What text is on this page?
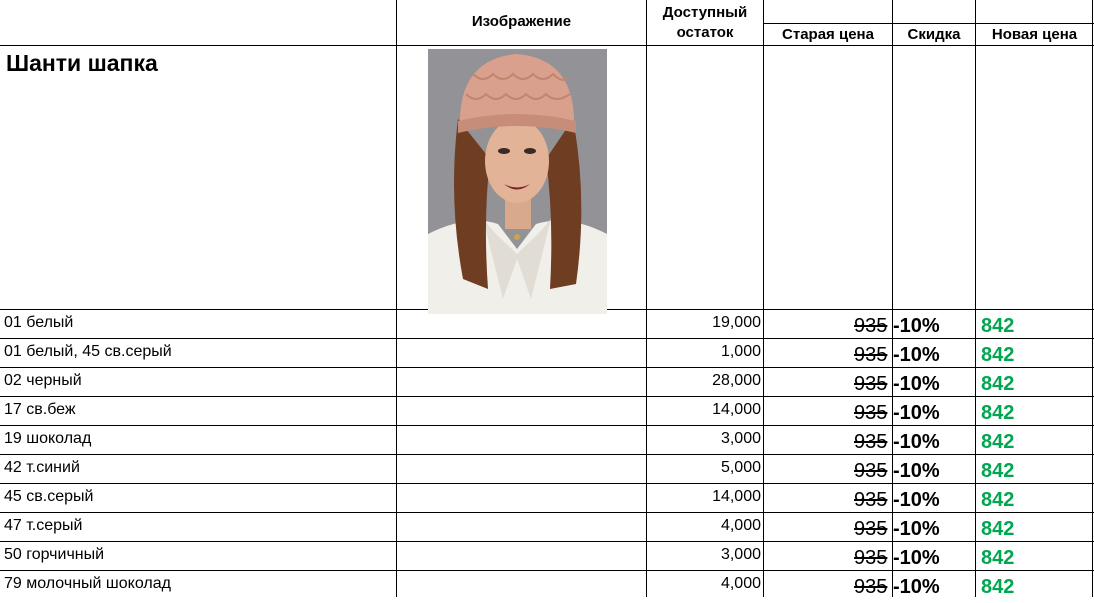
Изображение
Доступный остаток	Старая цена	Скидка	Новая цена
Шанти шапка
01 белый	19,000	935 -10% 842
01 белый, 45 св.серый	1,000	935 -10% 842
02 черный	28,000	935 -10% 842
17 св.беж	14,000	935 -10% 842
19 шоколад	3,000	935 -10% 842
42 т.синий	5,000	935 -10% 842
45 св.серый	14,000	935 -10% 842
47 т.серый	4,000	935 -10% 842
50 горчичный	3,000	935 -10% 842
79 молочный шоколад	4,000	935 -10% 842
